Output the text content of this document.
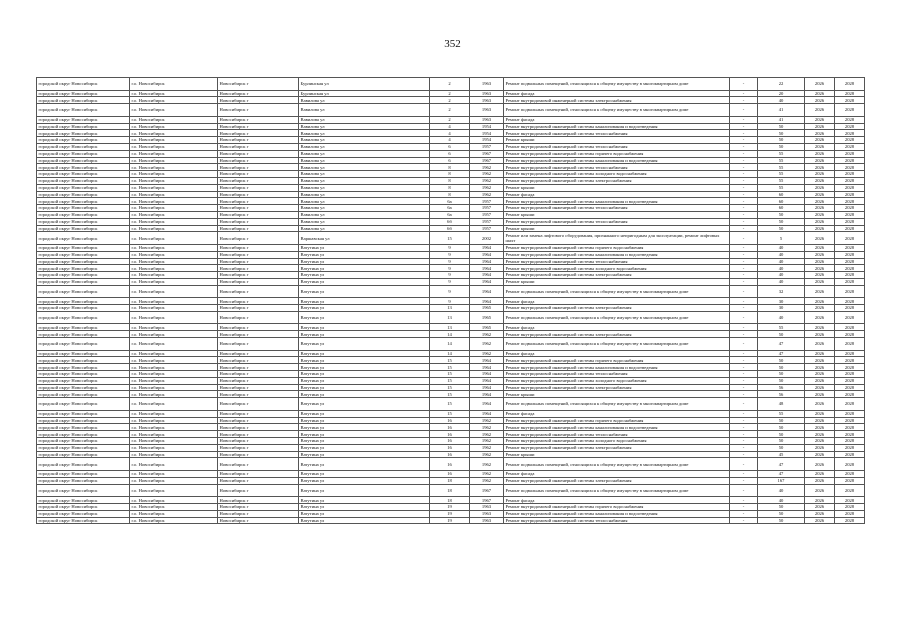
352
городской округ Новосибирск	г.о. Новосибирск	Новосибирск г	Бурлинская ул	2	1963	Ремонт подвальных помещений, относящихся к общему имуществу в многоквартирном доме	-	22	2026	2028
городской округ Новосибирск	г.о. Новосибирск	Новосибирск г	Бурлинская ул	2	1963	Ремонт фасада	-	20	2026	2028
городской округ Новосибирск	г.о. Новосибирск	Новосибирск г	Вавилова ул	2	1963	Ремонт внутридомовой инженерной системы электроснабжения	-	40	2026	2028
городской округ Новосибирск	г.о. Новосибирск	Новосибирск г	Вавилова ул	2	1963	Ремонт подвальных помещений, относящихся к общему имуществу в многоквартирном доме	-	41	2026	2028
городской округ Новосибирск	г.о. Новосибирск	Новосибирск г	Вавилова ул	2	1963	Ремонт фасада	-	41	2026	2028
городской округ Новосибирск	г.о. Новосибирск	Новосибирск г	Вавилова ул	4	1954	Ремонт внутридомовой инженерной системы канализования и водоотведения	-	50	2026	2028
городской округ Новосибирск	г.о. Новосибирск	Новосибирск г	Вавилова ул	4	1954	Ремонт внутридомовой инженерной системы теплоснабжения	-	50	2026	2028
городской округ Новосибирск	г.о. Новосибирск	Новосибирск г	Вавилова ул	4	1954	Ремонт крыши	-	50	2026	2028
городской округ Новосибирск	г.о. Новосибирск	Новосибирск г	Вавилова ул	6	1957	Ремонт внутридомовой инженерной системы теплоснабжения	-	50	2026	2028
городской округ Новосибирск	г.о. Новосибирск	Новосибирск г	Вавилова ул	6	1967	Ремонт внутридомовой инженерной системы горячего водоснабжения	-	55	2026	2028
городской округ Новосибирск	г.о. Новосибирск	Новосибирск г	Вавилова ул	6	1967	Ремонт внутридомовой инженерной системы канализования и водоотведения	-	55	2026	2028
городской округ Новосибирск	г.о. Новосибирск	Новосибирск г	Вавилова ул	8	1962	Ремонт внутридомовой инженерной системы теплоснабжения	-	55	2026	2028
городской округ Новосибирск	г.о. Новосибирск	Новосибирск г	Вавилова ул	8	1962	Ремонт внутридомовой инженерной системы холодного водоснабжения	-	55	2026	2028
городской округ Новосибирск	г.о. Новосибирск	Новосибирск г	Вавилова ул	8	1962	Ремонт внутридомовой инженерной системы электроснабжения	-	55	2026	2028
городской округ Новосибирск	г.о. Новосибирск	Новосибирск г	Вавилова ул	8	1962	Ремонт крыши	-	55	2026	2028
городской округ Новосибирск	г.о. Новосибирск	Новосибирск г	Вавилова ул	8	1962	Ремонт фасада	-	60	2026	2028
городской округ Новосибирск	г.о. Новосибирск	Новосибирск г	Вавилова ул	6а	1957	Ремонт внутридомовой инженерной системы канализования и водоотведения	-	60	2026	2028
городской округ Новосибирск	г.о. Новосибирск	Новосибирск г	Вавилова ул	6а	1957	Ремонт внутридомовой инженерной системы теплоснабжения	-	60	2026	2028
городской округ Новосибирск	г.о. Новосибирск	Новосибирск г	Вавилова ул	6а	1957	Ремонт крыши	-	50	2026	2028
городской округ Новосибирск	г.о. Новосибирск	Новосибирск г	Вавилова ул	6б	1957	Ремонт внутридомовой инженерной системы теплоснабжения	-	50	2026	2028
городской округ Новосибирск	г.о. Новосибирск	Новосибирск г	Вавилова ул	6б	1957	Ремонт крыши	-	50	2026	2028
городской округ Новосибирск	г.о. Новосибирск	Новосибирск г	Варшавская ул	15	2002	Ремонт или замена лифтового оборудования, признанного непригодным для эксплуатации, ремонт лифтовых шахт	-	5	2026	2028
городской округ Новосибирск	г.о. Новосибирск	Новосибирск г	Ватутина ул	9	1964	Ремонт внутридомовой инженерной системы горячего водоснабжения	-	40	2026	2028
городской округ Новосибирск	г.о. Новосибирск	Новосибирск г	Ватутина ул	9	1964	Ремонт внутридомовой инженерной системы канализования и водоотведения	-	40	2026	2028
городской округ Новосибирск	г.о. Новосибирск	Новосибирск г	Ватутина ул	9	1964	Ремонт внутридомовой инженерной системы теплоснабжения	-	40	2026	2028
городской округ Новосибирск	г.о. Новосибирск	Новосибирск г	Ватутина ул	9	1964	Ремонт внутридомовой инженерной системы холодного водоснабжения	-	40	2026	2028
городской округ Новосибирск	г.о. Новосибирск	Новосибирск г	Ватутина ул	9	1964	Ремонт внутридомовой инженерной системы электроснабжения	-	40	2026	2028
городской округ Новосибирск	г.о. Новосибирск	Новосибирск г	Ватутина ул	9	1964	Ремонт крыши	-	40	2026	2028
городской округ Новосибирск	г.о. Новосибирск	Новосибирск г	Ватутина ул	9	1964	Ремонт подвальных помещений, относящихся к общему имуществу в многоквартирном доме	-	32	2026	2028
городской округ Новосибирск	г.о. Новосибирск	Новосибирск г	Ватутина ул	9	1964	Ремонт фасада	-	30	2026	2028
городской округ Новосибирск	г.о. Новосибирск	Новосибирск г	Ватутина ул	13	1965	Ремонт внутридомовой инженерной системы электроснабжения	-	30	2026	2028
городской округ Новосибирск	г.о. Новосибирск	Новосибирск г	Ватутина ул	13	1965	Ремонт подвальных помещений, относящихся к общему имуществу в многоквартирном доме	-	40	2026	2028
городской округ Новосибирск	г.о. Новосибирск	Новосибирск г	Ватутина ул	13	1965	Ремонт фасада	-	55	2026	2028
городской округ Новосибирск	г.о. Новосибирск	Новосибирск г	Ватутина ул	14	1962	Ремонт внутридомовой инженерной системы электроснабжения	-	50	2026	2028
городской округ Новосибирск	г.о. Новосибирск	Новосибирск г	Ватутина ул	14	1962	Ремонт подвальных помещений, относящихся к общему имуществу в многоквартирном доме	-	47	2026	2028
городской округ Новосибирск	г.о. Новосибирск	Новосибирск г	Ватутина ул	14	1962	Ремонт фасада	-	47	2026	2028
городской округ Новосибирск	г.о. Новосибирск	Новосибирск г	Ватутина ул	15	1964	Ремонт внутридомовой инженерной системы горячего водоснабжения	-	50	2026	2028
городской округ Новосибирск	г.о. Новосибирск	Новосибирск г	Ватутина ул	15	1964	Ремонт внутридомовой инженерной системы канализования и водоотведения	-	50	2026	2028
городской округ Новосибирск	г.о. Новосибирск	Новосибирск г	Ватутина ул	15	1964	Ремонт внутридомовой инженерной системы теплоснабжения	-	50	2026	2028
городской округ Новосибирск	г.о. Новосибирск	Новосибирск г	Ватутина ул	15	1964	Ремонт внутридомовой инженерной системы холодного водоснабжения	-	50	2026	2028
городской округ Новосибирск	г.о. Новосибирск	Новосибирск г	Ватутина ул	15	1964	Ремонт внутридомовой инженерной системы электроснабжения	-	56	2026	2028
городской округ Новосибирск	г.о. Новосибирск	Новосибирск г	Ватутина ул	15	1964	Ремонт крыши	-	56	2026	2028
городской округ Новосибирск	г.о. Новосибирск	Новосибирск г	Ватутина ул	15	1964	Ремонт подвальных помещений, относящихся к общему имуществу в многоквартирном доме	-	48	2026	2028
городской округ Новосибирск	г.о. Новосибирск	Новосибирск г	Ватутина ул	15	1964	Ремонт фасада	-	55	2026	2028
городской округ Новосибирск	г.о. Новосибирск	Новосибирск г	Ватутина ул	16	1962	Ремонт внутридомовой инженерной системы горячего водоснабжения	-	50	2026	2028
городской округ Новосибирск	г.о. Новосибирск	Новосибирск г	Ватутина ул	16	1962	Ремонт внутридомовой инженерной системы канализования и водоотведения	-	50	2026	2028
городской округ Новосибирск	г.о. Новосибирск	Новосибирск г	Ватутина ул	16	1962	Ремонт внутридомовой инженерной системы теплоснабжения	-	50	2026	2028
городской округ Новосибирск	г.о. Новосибирск	Новосибирск г	Ватутина ул	16	1962	Ремонт внутридомовой инженерной системы холодного водоснабжения	-	50	2026	2028
городской округ Новосибирск	г.о. Новосибирск	Новосибирск г	Ватутина ул	16	1962	Ремонт внутридомовой инженерной системы электроснабжения	-	50	2026	2028
городской округ Новосибирск	г.о. Новосибирск	Новосибирск г	Ватутина ул	16	1962	Ремонт крыши	-	45	2026	2028
городской округ Новосибирск	г.о. Новосибирск	Новосибирск г	Ватутина ул	16	1962	Ремонт подвальных помещений, относящихся к общему имуществу в многоквартирном доме	-	47	2026	2028
городской округ Новосибирск	г.о. Новосибирск	Новосибирск г	Ватутина ул	16	1962	Ремонт фасада	-	47	2026	2028
городской округ Новосибирск	г.о. Новосибирск	Новосибирск г	Ватутина ул	18	1962	Ремонт внутридомовой инженерной системы электроснабжения	-	167	2026	2028
городской округ Новосибирск	г.о. Новосибирск	Новосибирск г	Ватутина ул	18	1967	Ремонт подвальных помещений, относящихся к общему имуществу в многоквартирном доме	-	40	2026	2028
городской округ Новосибирск	г.о. Новосибирск	Новосибирск г	Ватутина ул	18	1967	Ремонт фасада	-	40	2026	2028
городской округ Новосибирск	г.о. Новосибирск	Новосибирск г	Ватутина ул	19	1963	Ремонт внутридомовой инженерной системы горячего водоснабжения	-	50	2026	2028
городской округ Новосибирск	г.о. Новосибирск	Новосибирск г	Ватутина ул	19	1963	Ремонт внутридомовой инженерной системы канализования и водоотведения	-	50	2026	2028
городской округ Новосибирск	г.о. Новосибирск	Новосибирск г	Ватутина ул	19	1963	Ремонт внутридомовой инженерной системы теплоснабжения	-	50	2026	2028
